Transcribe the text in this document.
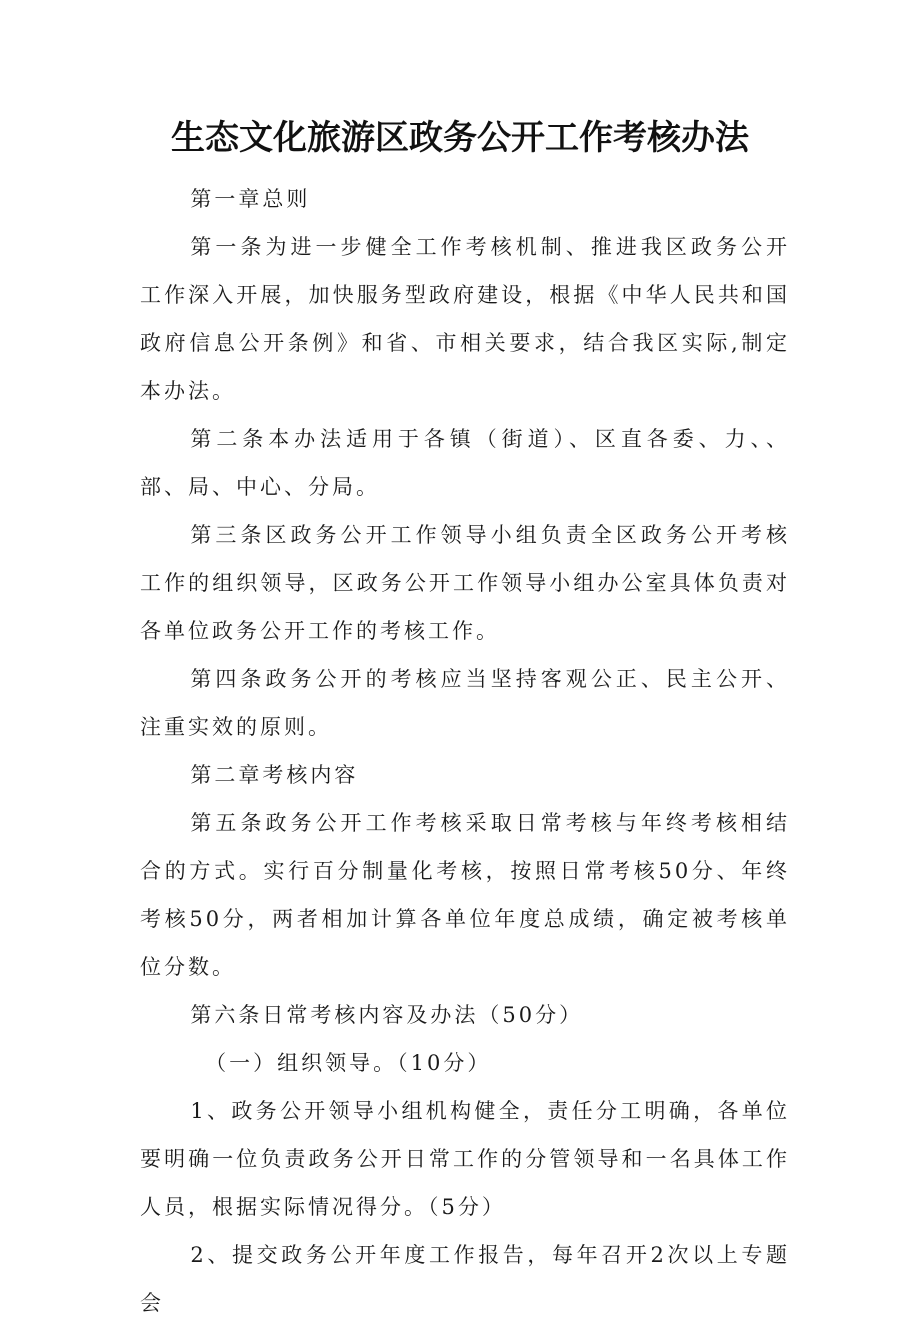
生态文化旅游区政务公开工作考核办法

第一章总则

第一条为进一步健全工作考核机制、推进我区政务公开工作深入开展，加快服务型政府建设，根据《中华人民共和国政府信息公开条例》和省、市相关要求，结合我区实际,制定本办法。

第二条本办法适用于各镇（街道）、区直各委、力、、部、局、中心、分局。

第三条区政务公开工作领导小组负责全区政务公开考核工作的组织领导，区政务公开工作领导小组办公室具体负责对各单位政务公开工作的考核工作。

第四条政务公开的考核应当坚持客观公正、民主公开、注重实效的原则。

第二章考核内容

第五条政务公开工作考核采取日常考核与年终考核相结合的方式。实行百分制量化考核，按照日常考核50分、年终考核50分，两者相加计算各单位年度总成绩，确定被考核单位分数。

第六条日常考核内容及办法（50分）

（一）组织领导。（10分）

1、政务公开领导小组机构健全，责任分工明确，各单位要明确一位负责政务公开日常工作的分管领导和一名具体工作人员，根据实际情况得分。（5分）

2、提交政务公开年度工作报告，每年召开2次以上专题会
